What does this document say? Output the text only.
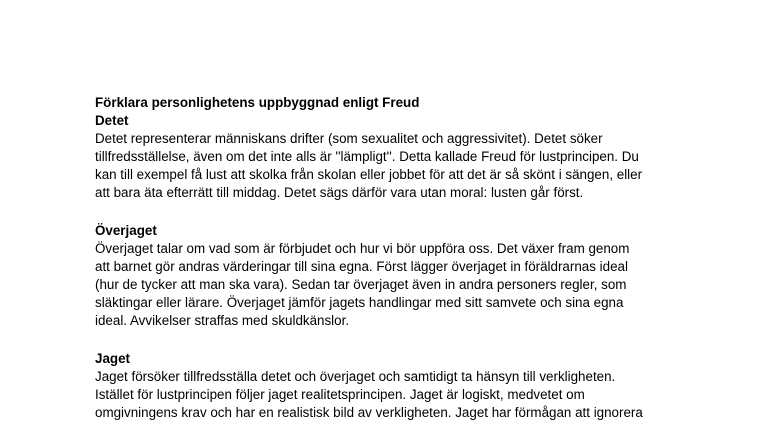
Förklara personlighetens uppbyggnad enligt Freud
Detet
Detet representerar människans drifter (som sexualitet och aggressivitet). Detet söker
tillfredsställelse, även om det inte alls är ''lämpligt''. Detta kallade Freud för lustprincipen. Du
kan till exempel få lust att skolka från skolan eller jobbet för att det är så skönt i sängen, eller
att bara äta efterrätt till middag. Detet sägs därför vara utan moral: lusten går först.
Överjaget
Överjaget talar om vad som är förbjudet och hur vi bör uppföra oss. Det växer fram genom
att barnet gör andras värderingar till sina egna. Först lägger överjaget in föräldrarnas ideal
(hur de tycker att man ska vara). Sedan tar överjaget även in andra personers regler, som
släktingar eller lärare. Överjaget jämför jagets handlingar med sitt samvete och sina egna
ideal. Avvikelser straffas med skuldkänslor.
Jaget
Jaget försöker tillfredsställa detet och överjaget och samtidigt ta hänsyn till verkligheten.
Istället för lustprincipen följer jaget realitetsprincipen. Jaget är logiskt, medvetet om
omgivningens krav och har en realistisk bild av verkligheten. Jaget har förmågan att ignorera
